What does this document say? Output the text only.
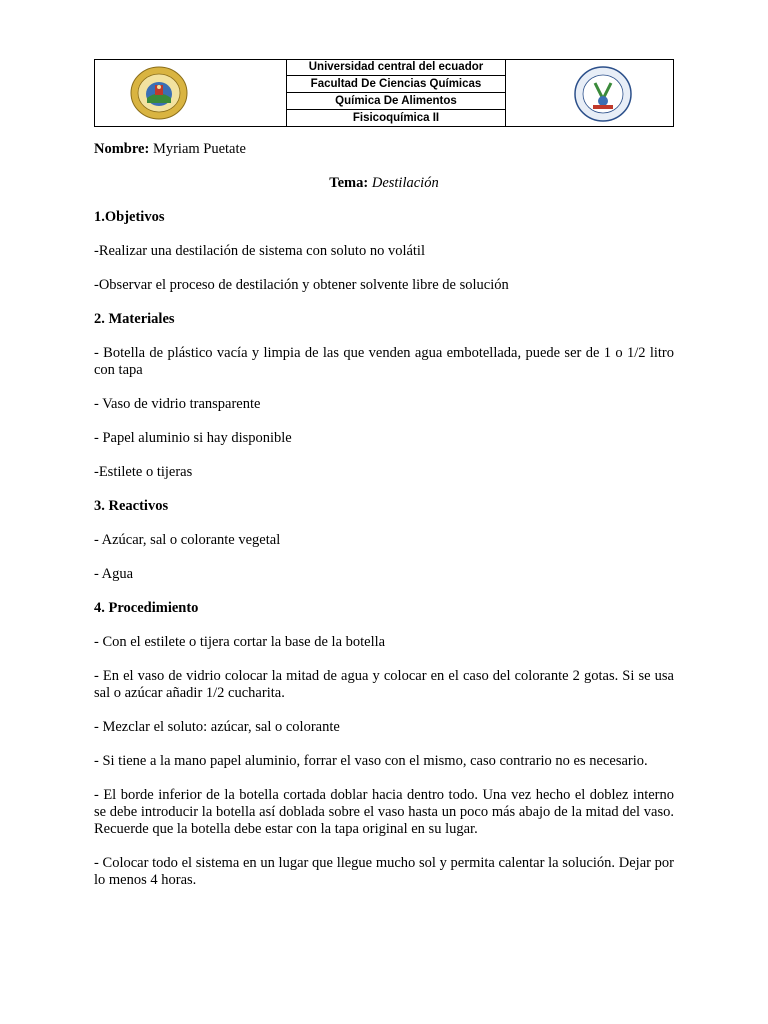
Universidad central del ecuador
Facultad De Ciencias Químicas
Química De Alimentos
Fisicoquímica II

Nombre: Myriam Puetate

Tema: Destilación

1.Objetivos

-Realizar una destilación de sistema con soluto no volátil

-Observar el proceso de destilación y obtener solvente libre de solución

2. Materiales

- Botella de plástico vacía y limpia de las que venden agua embotellada, puede ser de 1 o 1/2 litro con tapa

- Vaso de vidrio transparente

- Papel aluminio si hay disponible

-Estilete o tijeras

3. Reactivos

- Azúcar, sal o colorante vegetal

- Agua

4. Procedimiento

- Con el estilete o tijera cortar la base de la botella

- En el vaso de vidrio colocar la mitad de agua y colocar en el caso del colorante 2 gotas. Si se usa sal o azúcar añadir 1/2 cucharita.

- Mezclar el soluto: azúcar, sal o colorante

- Si tiene a la mano papel aluminio, forrar el vaso con el mismo, caso contrario no es necesario.

- El borde inferior de la botella cortada doblar hacia dentro todo. Una vez hecho el doblez interno se debe introducir la botella así doblada sobre el vaso hasta un poco más abajo de la mitad del vaso. Recuerde que la botella debe estar con la tapa original en su lugar.

- Colocar todo el sistema en un lugar que llegue mucho sol y permita calentar la solución. Dejar por lo menos 4 horas.
